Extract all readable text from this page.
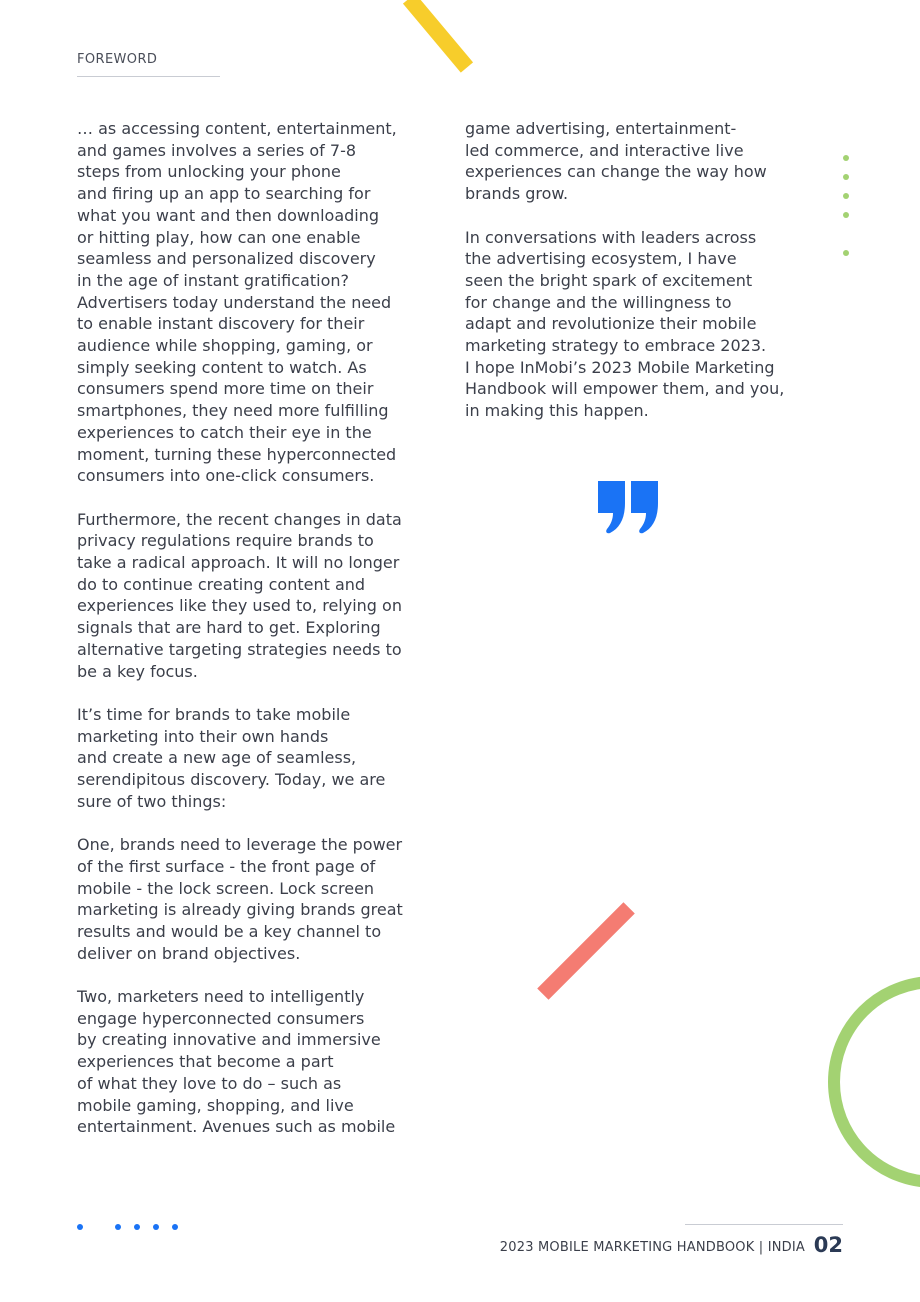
FOREWORD

… as accessing content, entertainment,
and games involves a series of 7-8
steps from unlocking your phone
and firing up an app to searching for
what you want and then downloading
or hitting play, how can one enable
seamless and personalized discovery
in the age of instant gratification?
Advertisers today understand the need
to enable instant discovery for their
audience while shopping, gaming, or
simply seeking content to watch. As
consumers spend more time on their
smartphones, they need more fulfilling
experiences to catch their eye in the
moment, turning these hyperconnected
consumers into one-click consumers.

Furthermore, the recent changes in data
privacy regulations require brands to
take a radical approach. It will no longer
do to continue creating content and
experiences like they used to, relying on
signals that are hard to get. Exploring
alternative targeting strategies needs to
be a key focus.

It’s time for brands to take mobile
marketing into their own hands
and create a new age of seamless,
serendipitous discovery. Today, we are
sure of two things:

One, brands need to leverage the power
of the first surface - the front page of
mobile - the lock screen. Lock screen
marketing is already giving brands great
results and would be a key channel to
deliver on brand objectives.

Two, marketers need to intelligently
engage hyperconnected consumers
by creating innovative and immersive
experiences that become a part
of what they love to do – such as
mobile gaming, shopping, and live
entertainment. Avenues such as mobile

game advertising, entertainment-
led commerce, and interactive live
experiences can change the way how
brands grow.

In conversations with leaders across
the advertising ecosystem, I have
seen the bright spark of excitement
for change and the willingness to
adapt and revolutionize their mobile
marketing strategy to embrace 2023.
I hope InMobi’s 2023 Mobile Marketing
Handbook will empower them, and you,
in making this happen.

2023 MOBILE MARKETING HANDBOOK | INDIA 02
